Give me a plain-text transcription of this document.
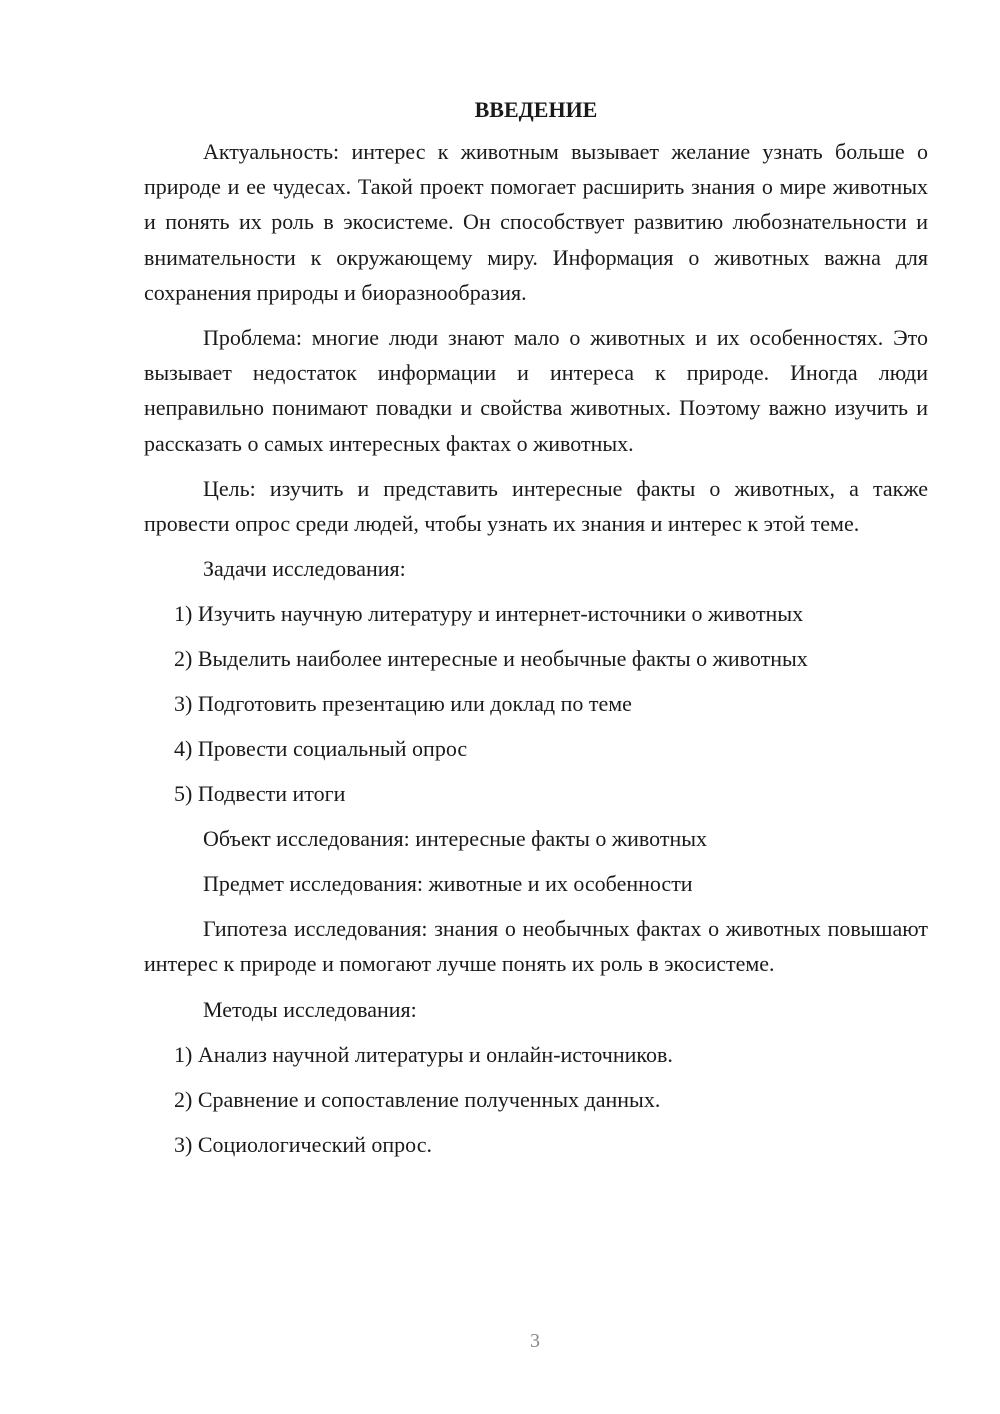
ВВЕДЕНИЕ

Актуальность: интерес к животным вызывает желание узнать больше о природе и ее чудесах. Такой проект помогает расширить знания о мире животных и понять их роль в экосистеме. Он способствует развитию любознательности и внимательности к окружающему миру. Информация о животных важна для сохранения природы и биоразнообразия.

Проблема: многие люди знают мало о животных и их особенностях. Это вызывает недостаток информации и интереса к природе. Иногда люди неправильно понимают повадки и свойства животных. Поэтому важно изучить и рассказать о самых интересных фактах о животных.

Цель: изучить и представить интересные факты о животных, а также провести опрос среди людей, чтобы узнать их знания и интерес к этой теме.

Задачи исследования:
1) Изучить научную литературу и интернет-источники о животных
2) Выделить наиболее интересные и необычные факты о животных
3) Подготовить презентацию или доклад по теме
4) Провести социальный опрос
5) Подвести итоги
Объект исследования: интересные факты о животных
Предмет исследования: животные и их особенности

Гипотеза исследования: знания о необычных фактах о животных повышают интерес к природе и помогают лучше понять их роль в экосистеме.

Методы исследования:
1) Анализ научной литературы и онлайн-источников.
2) Сравнение и сопоставление полученных данных.
3) Социологический опрос.
3
